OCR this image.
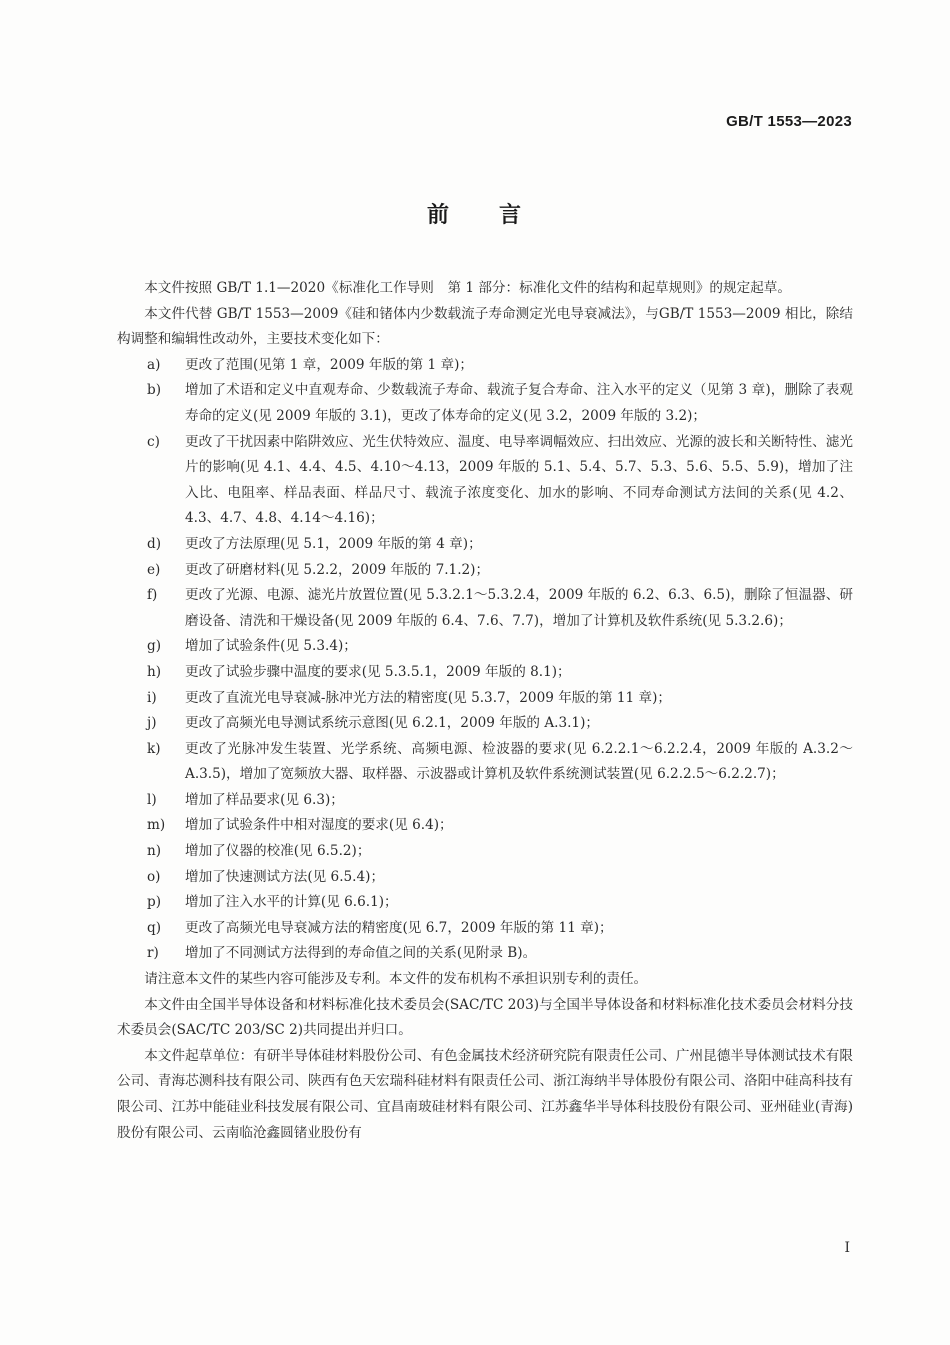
GB/T 1553—2023
前　　言

本文件按照 GB/T 1.1—2020《标准化工作导则　第 1 部分：标准化文件的结构和起草规则》的规定起草。

本文件代替 GB/T 1553—2009《硅和锗体内少数载流子寿命测定光电导衰减法》，与GB/T 1553—2009 相比，除结构调整和编辑性改动外，主要技术变化如下：

a)	更改了范围(见第 1 章，2009 年版的第 1 章)；
b)	增加了术语和定义中直观寿命、少数载流子寿命、载流子复合寿命、注入水平的定义（见第 3 章)，删除了表观寿命的定义(见 2009 年版的 3.1)，更改了体寿命的定义(见 3.2，2009 年版的 3.2)；
c)	更改了干扰因素中陷阱效应、光生伏特效应、温度、电导率调幅效应、扫出效应、光源的波长和关断特性、滤光片的影响(见 4.1、4.4、4.5、4.10～4.13，2009 年版的 5.1、5.4、5.7、5.3、5.6、5.5、5.9)，增加了注入比、电阻率、样品表面、样品尺寸、载流子浓度变化、加水的影响、不同寿命测试方法间的关系(见 4.2、4.3、4.7、4.8、4.14～4.16)；
d)	更改了方法原理(见 5.1，2009 年版的第 4 章)；
e)	更改了研磨材料(见 5.2.2，2009 年版的 7.1.2)；
f)	更改了光源、电源、滤光片放置位置(见 5.3.2.1～5.3.2.4，2009 年版的 6.2、6.3、6.5)，删除了恒温器、研磨设备、清洗和干燥设备(见 2009 年版的 6.4、7.6、7.7)，增加了计算机及软件系统(见 5.3.2.6)；
g)	增加了试验条件(见 5.3.4)；
h)	更改了试验步骤中温度的要求(见 5.3.5.1，2009 年版的 8.1)；
i)	更改了直流光电导衰减-脉冲光方法的精密度(见 5.3.7，2009 年版的第 11 章)；
j)	更改了高频光电导测试系统示意图(见 6.2.1，2009 年版的 A.3.1)；
k)	更改了光脉冲发生装置、光学系统、高频电源、检波器的要求(见 6.2.2.1～6.2.2.4，2009 年版的 A.3.2～A.3.5)，增加了宽频放大器、取样器、示波器或计算机及软件系统测试装置(见 6.2.2.5～6.2.2.7)；
l)	增加了样品要求(见 6.3)；
m)	增加了试验条件中相对湿度的要求(见 6.4)；
n)	增加了仪器的校准(见 6.5.2)；
o)	增加了快速测试方法(见 6.5.4)；
p)	增加了注入水平的计算(见 6.6.1)；
q)	更改了高频光电导衰减方法的精密度(见 6.7，2009 年版的第 11 章)；
r)	增加了不同测试方法得到的寿命值之间的关系(见附录 B)。

请注意本文件的某些内容可能涉及专利。本文件的发布机构不承担识别专利的责任。

本文件由全国半导体设备和材料标准化技术委员会(SAC/TC 203)与全国半导体设备和材料标准化技术委员会材料分技术委员会(SAC/TC 203/SC 2)共同提出并归口。

本文件起草单位：有研半导体硅材料股份公司、有色金属技术经济研究院有限责任公司、广州昆德半导体测试技术有限公司、青海芯测科技有限公司、陕西有色天宏瑞科硅材料有限责任公司、浙江海纳半导体股份有限公司、洛阳中硅高科技有限公司、江苏中能硅业科技发展有限公司、宜昌南玻硅材料有限公司、江苏鑫华半导体科技股份有限公司、亚州硅业(青海)股份有限公司、云南临沧鑫圆锗业股份有

I
